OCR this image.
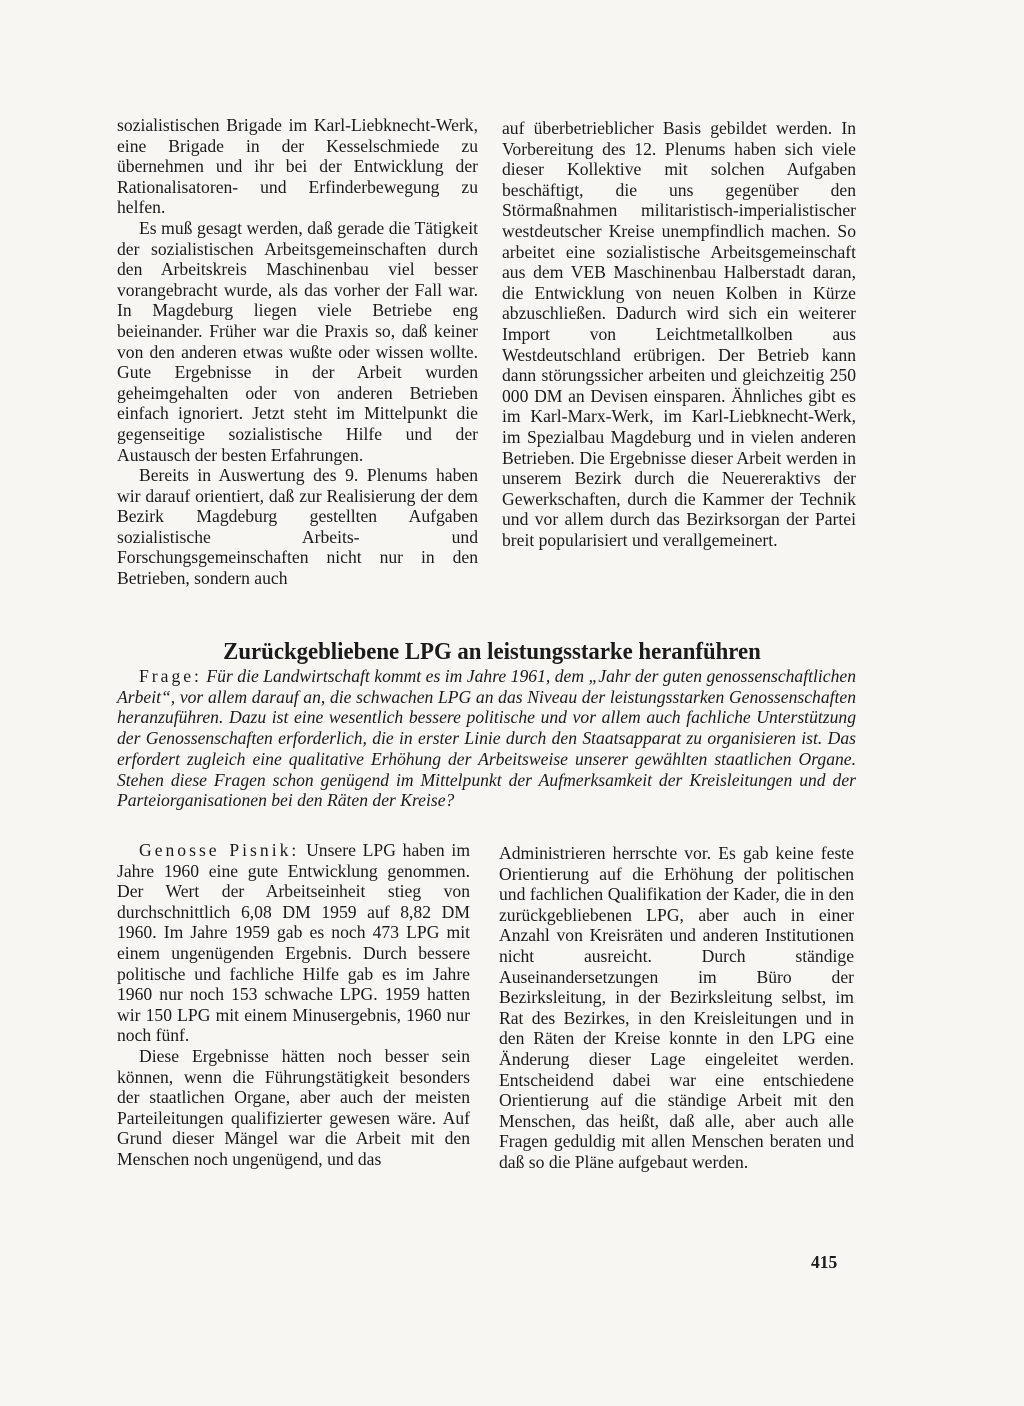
sozialistischen Brigade im Karl-Liebknecht-Werk, eine Brigade in der Kesselschmiede zu übernehmen und ihr bei der Entwicklung der Rationalisatoren- und Erfinderbewegung zu helfen.

Es muß gesagt werden, daß gerade die Tätigkeit der sozialistischen Arbeitsgemeinschaften durch den Arbeitskreis Maschinenbau viel besser vorangebracht wurde, als das vorher der Fall war. In Magdeburg liegen viele Betriebe eng beieinander. Früher war die Praxis so, daß keiner von den anderen etwas wußte oder wissen wollte. Gute Ergebnisse in der Arbeit wurden geheimgehalten oder von anderen Betrieben einfach ignoriert. Jetzt steht im Mittelpunkt die gegenseitige sozialistische Hilfe und der Austausch der besten Erfahrungen.

Bereits in Auswertung des 9. Plenums haben wir darauf orientiert, daß zur Realisierung der dem Bezirk Magdeburg gestellten Aufgaben sozialistische Arbeits- und Forschungsgemeinschaften nicht nur in den Betrieben, sondern auch

auf überbetrieblicher Basis gebildet werden. In Vorbereitung des 12. Plenums haben sich viele dieser Kollektive mit solchen Aufgaben beschäftigt, die uns gegenüber den Störmaßnahmen militaristisch-imperialistischer westdeutscher Kreise unempfindlich machen. So arbeitet eine sozialistische Arbeitsgemeinschaft aus dem VEB Maschinenbau Halberstadt daran, die Entwicklung von neuen Kolben in Kürze abzuschließen. Dadurch wird sich ein weiterer Import von Leichtmetallkolben aus Westdeutschland erübrigen. Der Betrieb kann dann störungssicher arbeiten und gleichzeitig 250 000 DM an Devisen einsparen. Ähnliches gibt es im Karl-Marx-Werk, im Karl-Liebknecht-Werk, im Spezialbau Magdeburg und in vielen anderen Betrieben. Die Ergebnisse dieser Arbeit werden in unserem Bezirk durch die Neuereraktivs der Gewerkschaften, durch die Kammer der Technik und vor allem durch das Bezirksorgan der Partei breit popularisiert und verallgemeinert.

Zurückgebliebene LPG an leistungsstarke heranführen
Frage: Für die Landwirtschaft kommt es im Jahre 1961, dem „Jahr der guten genossenschaftlichen Arbeit“, vor allem darauf an, die schwachen LPG an das Niveau der leistungsstarken Genossenschaften heranzuführen. Dazu ist eine wesentlich bessere politische und vor allem auch fachliche Unterstützung der Genossenschaften erforderlich, die in erster Linie durch den Staatsapparat zu organisieren ist. Das erfordert zugleich eine qualitative Erhöhung der Arbeitsweise unserer gewählten staatlichen Organe. Stehen diese Fragen schon genügend im Mittelpunkt der Aufmerksamkeit der Kreisleitungen und der Parteiorganisationen bei den Räten der Kreise?

Genosse Pisnik: Unsere LPG haben im Jahre 1960 eine gute Entwicklung genommen. Der Wert der Arbeitseinheit stieg von durchschnittlich 6,08 DM 1959 auf 8,82 DM 1960. Im Jahre 1959 gab es noch 473 LPG mit einem ungenügenden Ergebnis. Durch bessere politische und fachliche Hilfe gab es im Jahre 1960 nur noch 153 schwache LPG. 1959 hatten wir 150 LPG mit einem Minusergebnis, 1960 nur noch fünf.

Diese Ergebnisse hätten noch besser sein können, wenn die Führungstätigkeit besonders der staatlichen Organe, aber auch der meisten Parteileitungen qualifizierter gewesen wäre. Auf Grund dieser Mängel war die Arbeit mit den Menschen noch ungenügend, und das

Administrieren herrschte vor. Es gab keine feste Orientierung auf die Erhöhung der politischen und fachlichen Qualifikation der Kader, die in den zurückgebliebenen LPG, aber auch in einer Anzahl von Kreisräten und anderen Institutionen nicht ausreicht. Durch ständige Auseinandersetzungen im Büro der Bezirksleitung, in der Bezirksleitung selbst, im Rat des Bezirkes, in den Kreisleitungen und in den Räten der Kreise konnte in den LPG eine Änderung dieser Lage eingeleitet werden. Entscheidend dabei war eine entschiedene Orientierung auf die ständige Arbeit mit den Menschen, das heißt, daß alle, aber auch alle Fragen geduldig mit allen Menschen beraten und daß so die Pläne aufgebaut werden.

415
